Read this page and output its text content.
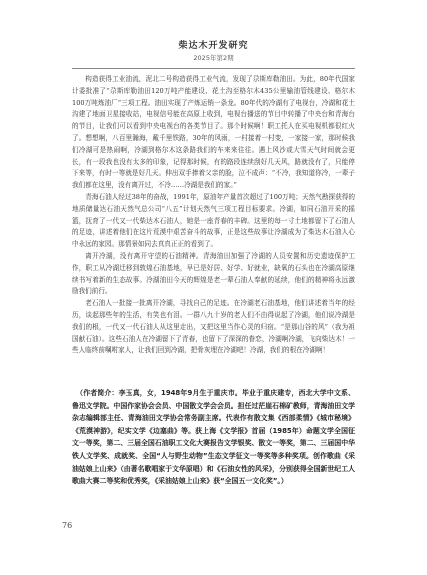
柴达木开发研究
2025年第2期

构造获得工业油流，泥北二号构造获得工业气流，发现了尕斯库勒油田。为此，80年代国家计委批准了“尕斯库勒油田120万吨产能建设、花土沟至格尔木435公里输油管线建设、格尔木100万吨炼油厂”三项工程。油田实现了产炼运销一条龙。80年代的冷湖有了电视台，冷湖和花土沟建了地面卫星接收站，电视信号能在高原上收到，电视台播送的节目中转播了中央台和青海台的节目，让我们可以看到中央电视台的各类节目了。那个时候啊！职工托人在买电视机都很红火了。想想啊，八百里瀚海，戴千里铁路，30年的风雨，一村接着一村变，一家接一家，那时候我们冷湖可是热闹啊，冷湖到格尔木这条路我们的车来来往往。遇上风沙或大雪天气时间就会更长，有一段我也没有太多的印象，记得那时候，有的路段连续刮好几天风，路就没有了，只能停下来等，有时一等就是好几天。伸出双手捧着父亲的脸，泣不成声：“不冷，我知道你冷，一辈子我们都在这里，没有离开过，不冷……冷湖是我们的家。”

青海石油人经过38年的奋战，1991年，原油年产量首次超过了100万吨；天然气勘探获得的地质储量达石油天然气总公司“八五”计划天然气三项工程目标要求。冷湖，如同石油开采的摇篮，抚育了一代又一代柴达木石油人，她是一座青春的丰碑。这里的每一寸土地都留下了石油人的足迹，讲述着他们在这片荒漠中艰苦奋斗的故事，正是这些故事让冷湖成为了柴达木石油人心中永远的家园。那情景如同去真真正正的看到了。

离开冷湖，没有离开守望的石油精神。青海油田加强了冷湖的人员安置和历史遗迹保护工作，职工从冷湖迁移到敦煌石油基地，早已是好居、好学、好就业，缺氧的石头也在冷湖高原继续书写着新的生态故事。冷湖油田今天的辉煌是老一辈石油人奉献的延续，他们的精神将永远激励我们前行。

老石油人一批接一批离开冷湖，寻找自己的足迹。在冷湖老石油基地，他们讲述着当年的经历，谈起那些年的生活，有笑也有泪。一群八九十岁的老人们不由得说起了冷湖，他们说冷湖是我们的根，一代又一代石油人从这里走出，又把这里当作心灵的归宿。“是那山谷的风”（我为祖国献石油）。这些石油人在冷湖留下了青春，也留下了深深的眷恋，冷湖啊冷湖，飞向柴达木！一些人临终前嘱咐家人，让我们回到冷湖，把骨灰埋在冷湖吧！冷湖，我们的根在冷湖啊！

（作者简介：李玉真，女，1948年9月生于重庆市。毕业于重庆建专，西北大学中文系、鲁迅文学院。中国作家协会会员、中国散文学会会员。担任过茫崖石棉矿教师，青海油田文学杂志编辑部主任、青海油田文学协会常务副主席。代表作有散文集《西部柔情》《城市秘境》《荒漠神游》，纪实文学《边塞曲》等。获上海《文学报》首届（1985年）命题文学全国征文一等奖，第二、三届全国石油职工文化大赛报告文学银奖、散文一等奖，第二、三届国中华铁人文学奖、成就奖、全国“人与野生动物”生态文学征文一等奖等多种奖项。创作歌曲《采油姑娘上山来》（由著名歌唱家于文华原唱）和《石油女性的风采》，分别获得全国新世纪工人歌曲大赛二等奖和优秀奖，《采油姑娘上山来》获“全国五一文化奖”。）

76
